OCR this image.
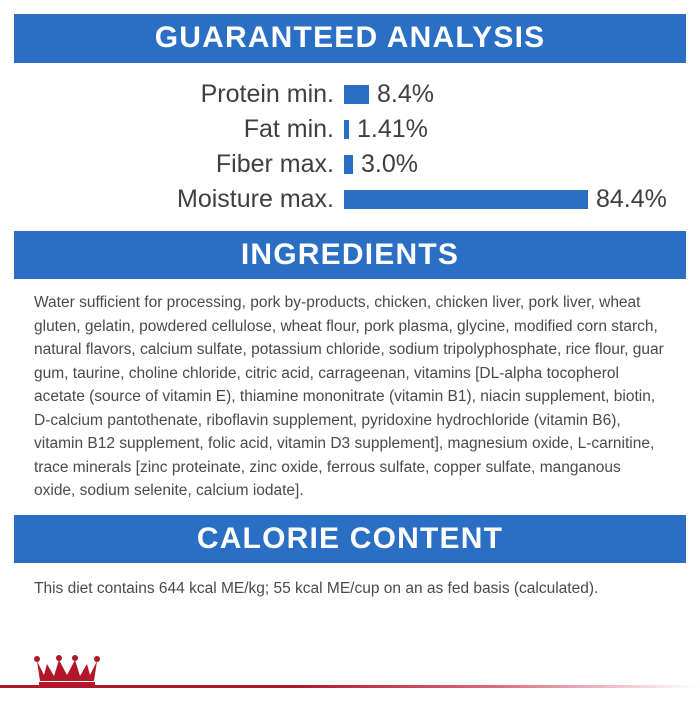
GUARANTEED ANALYSIS
Protein min.	8.4%
Fat min. 1.41%
Fiber max.	3.0%
Moisture max.	84.4%
INGREDIENTS
Water sufficient for processing, pork by-products, chicken, chicken liver, pork liver, wheat gluten, gelatin, powdered cellulose, wheat flour, pork plasma, glycine, modified corn starch, natural flavors, calcium sulfate, potassium chloride, sodium tripolyphosphate, rice flour, guar gum, taurine, choline chloride, citric acid, carrageenan, vitamins [DL-alpha tocopherol acetate (source of vitamin E), thiamine mononitrate (vitamin B1), niacin supplement, biotin, D-calcium pantothenate, riboflavin supplement, pyridoxine hydrochloride (vitamin B6), vitamin B12 supplement, folic acid, vitamin D3 supplement], magnesium oxide, L-carnitine, trace minerals [zinc proteinate, zinc oxide, ferrous sulfate, copper sulfate, manganous oxide, sodium selenite, calcium iodate].
CALORIE CONTENT
This diet contains 644 kcal ME/kg; 55 kcal ME/cup on an as fed basis (calculated).
